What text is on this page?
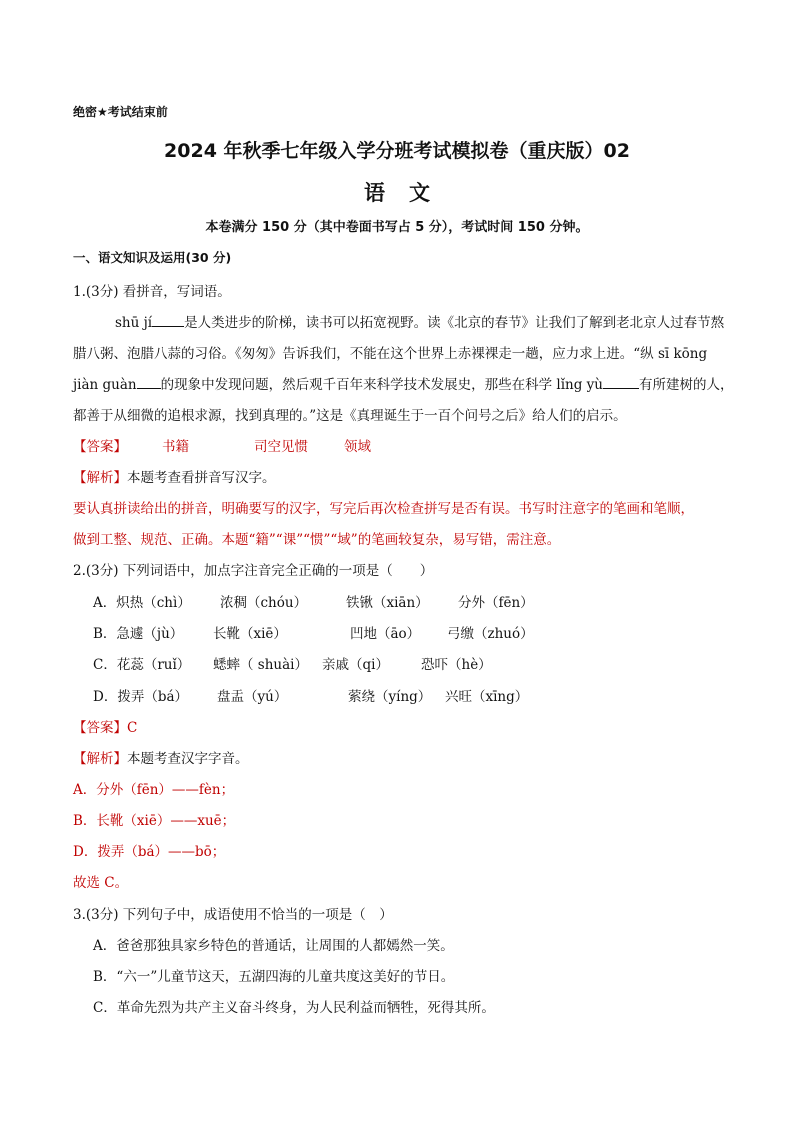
绝密★考试结束前
2024 年秋季七年级入学分班考试模拟卷（重庆版）02
语 文
本卷满分 150 分（其中卷面书写占 5 分），考试时间 150 分钟。
一、语文知识及运用(30 分)
1.(3分) 看拼音，写词语。
shū jí 是人类进步的阶梯，读书可以拓宽视野。读《北京的春节》让我们了解到老北京人过春节熬
腊八粥、泡腊八蒜的习俗。《匆匆》告诉我们，不能在这个世界上赤裸裸走一趟，应力求上进。“纵 sī kōng
jiàn guàn 的现象中发现问题，然后观千百年来科学技术发展史，那些在科学 lǐng yù	有所建树的人，
都善于从细微的追根求源，找到真理的。”这是《真理诞生于一百个问号之后》给人们的启示。
【答案】	书籍	司空见惯	领域
【解析】本题考查看拼音写汉字。
要认真拼读给出的拼音，明确要写的汉字，写完后再次检查拼写是否有误。书写时注意字的笔画和笔顺，
做到工整、规范、正确。本题“籍”“课”“惯”“域”的笔画较复杂，易写错，需注意。
2.(3分) 下列词语中，加点字注音完全正确的一项是（　　）
A．炽热（chì） 浓稠（chóu）	铁锹（xiān） 分外（fēn）
B．急遽（jù） 长靴（xiē）	凹地（āo） 弓缴（zhuó）
C．花蕊（ruǐ） 蟋蟀（ shuài） 亲戚（qi） 恐吓（hè）
D．拨弄（bá） 盘盂（yú）	萦绕（yíng） 兴旺（xīng）
【答案】C
【解析】本题考查汉字字音。
A．分外（fēn）——fèn；
B．长靴（xiē）——xuē；
D．拨弄（bá）——bō；
故选 C。
3.(3分) 下列句子中，成语使用不恰当的一项是（　）
A．爸爸那独具家乡特色的普通话，让周围的人都嫣然一笑。
B．“六一”儿童节这天，五湖四海的儿童共度这美好的节日。
C．革命先烈为共产主义奋斗终身，为人民利益而牺牲，死得其所。
